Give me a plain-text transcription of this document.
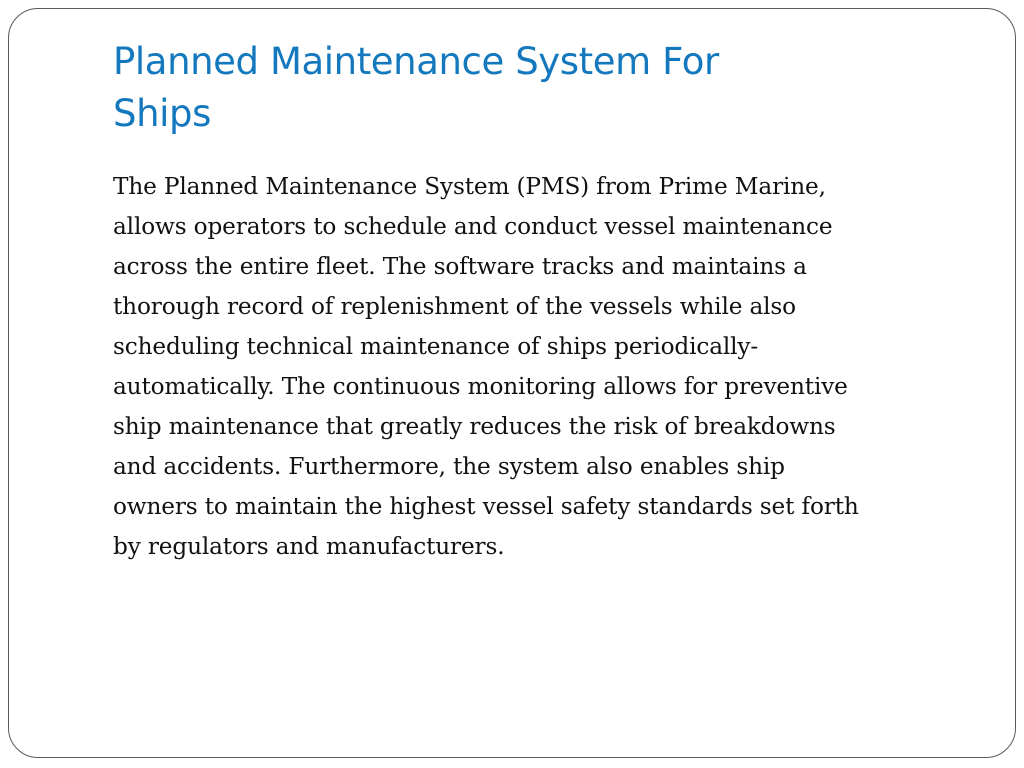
Planned Maintenance System For
Ships

The Planned Maintenance System (PMS) from Prime Marine,
allows operators to schedule and conduct vessel maintenance
across the entire fleet. The software tracks and maintains a
thorough record of replenishment of the vessels while also
scheduling technical maintenance of ships periodically-
automatically. The continuous monitoring allows for preventive
ship maintenance that greatly reduces the risk of breakdowns
and accidents. Furthermore, the system also enables ship
owners to maintain the highest vessel safety standards set forth
by regulators and manufacturers.
